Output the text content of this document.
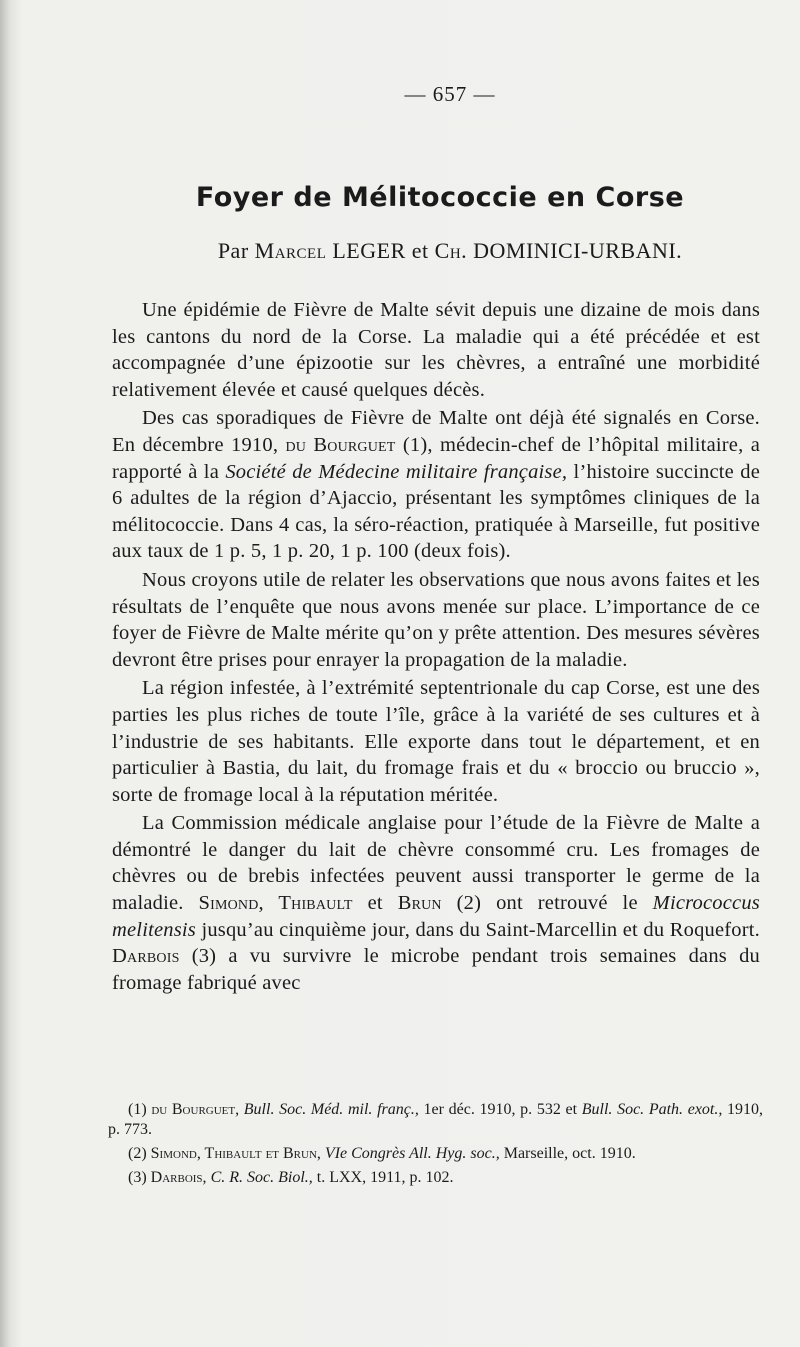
— 657 —
Foyer de Mélitococcie en Corse
Par Marcel LEGER et Ch. DOMINICI-URBANI.

Une épidémie de Fièvre de Malte sévit depuis une dizaine de mois dans les cantons du nord de la Corse. La maladie qui a été précédée et est accompagnée d’une épizootie sur les chèvres, a entraîné une morbidité relativement élevée et causé quelques décès.

Des cas sporadiques de Fièvre de Malte ont déjà été signalés en Corse. En décembre 1910, du Bourguet (1), médecin-chef de l’hôpital militaire, a rapporté à la Société de Médecine militaire française, l’histoire succincte de 6 adultes de la région d’Ajaccio, présentant les symptômes cliniques de la mélitococcie. Dans 4 cas, la séro-réaction, pratiquée à Marseille, fut positive aux taux de 1 p. 5, 1 p. 20, 1 p. 100 (deux fois).

Nous croyons utile de relater les observations que nous avons faites et les résultats de l’enquête que nous avons menée sur place. L’importance de ce foyer de Fièvre de Malte mérite qu’on y prête attention. Des mesures sévères devront être prises pour enrayer la propagation de la maladie.

La région infestée, à l’extrémité septentrionale du cap Corse, est une des parties les plus riches de toute l’île, grâce à la variété de ses cultures et à l’industrie de ses habitants. Elle exporte dans tout le département, et en particulier à Bastia, du lait, du fromage frais et du « broccio ou bruccio », sorte de fromage local à la réputation méritée.

La Commission médicale anglaise pour l’étude de la Fièvre de Malte a démontré le danger du lait de chèvre consommé cru. Les fromages de chèvres ou de brebis infectées peuvent aussi transporter le germe de la maladie. Simond, Thibault et Brun (2) ont retrouvé le Micrococcus melitensis jusqu’au cinquième jour, dans du Saint-Marcellin et du Roquefort. Darbois (3) a vu survivre le microbe pendant trois semaines dans du fromage fabriqué avec

(1) du Bourguet, Bull. Soc. Méd. mil. franç., 1er déc. 1910, p. 532 et Bull. Soc. Path. exot., 1910, p. 773.

(2) Simond, Thibault et Brun, VIe Congrès All. Hyg. soc., Marseille, oct. 1910.

(3) Darbois, C. R. Soc. Biol., t. LXX, 1911, p. 102.
